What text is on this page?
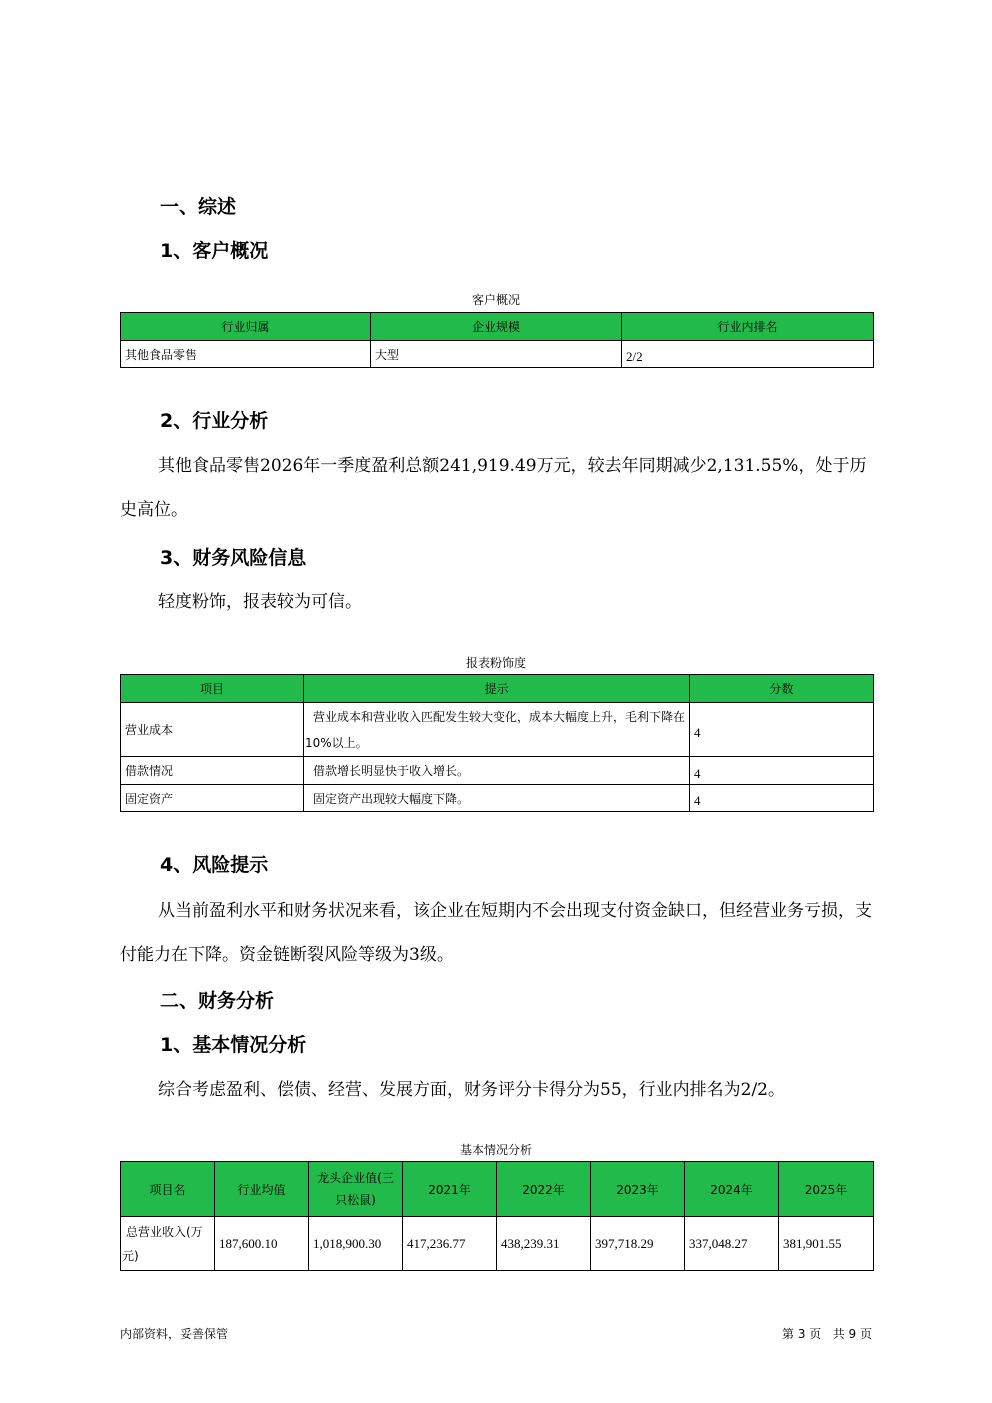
一、综述
1、客户概况
客户概况
行业归属	企业规模	行业内排名
其他食品零售	大型	2/2
2、行业分析
其他食品零售2026年一季度盈利总额241,919.49万元，较去年同期减少2,131.55%，处于历史高位。
3、财务风险信息
轻度粉饰，报表较为可信。
报表粉饰度
项目	提示	分数
营业成本	营业成本和营业收入匹配发生较大变化，成本大幅度上升，毛利下降在10%以上。	4
借款情况	借款增长明显快于收入增长。	4
固定资产	固定资产出现较大幅度下降。	4
4、风险提示
从当前盈利水平和财务状况来看，该企业在短期内不会出现支付资金缺口，但经营业务亏损，支付能力在下降。资金链断裂风险等级为3级。
二、财务分析
1、基本情况分析
综合考虑盈利、偿债、经营、发展方面，财务评分卡得分为55，行业内排名为2/2。
基本情况分析
项目名	行业均值	龙头企业值(三只松鼠)	2021年	2022年	2023年	2024年	2025年
总营业收入(万元)	187,600.10	1,018,900.30	417,236.77	438,239.31	397,718.29	337,048.27	381,901.55
内部资料，妥善保管	第 3 页   共 9 页
